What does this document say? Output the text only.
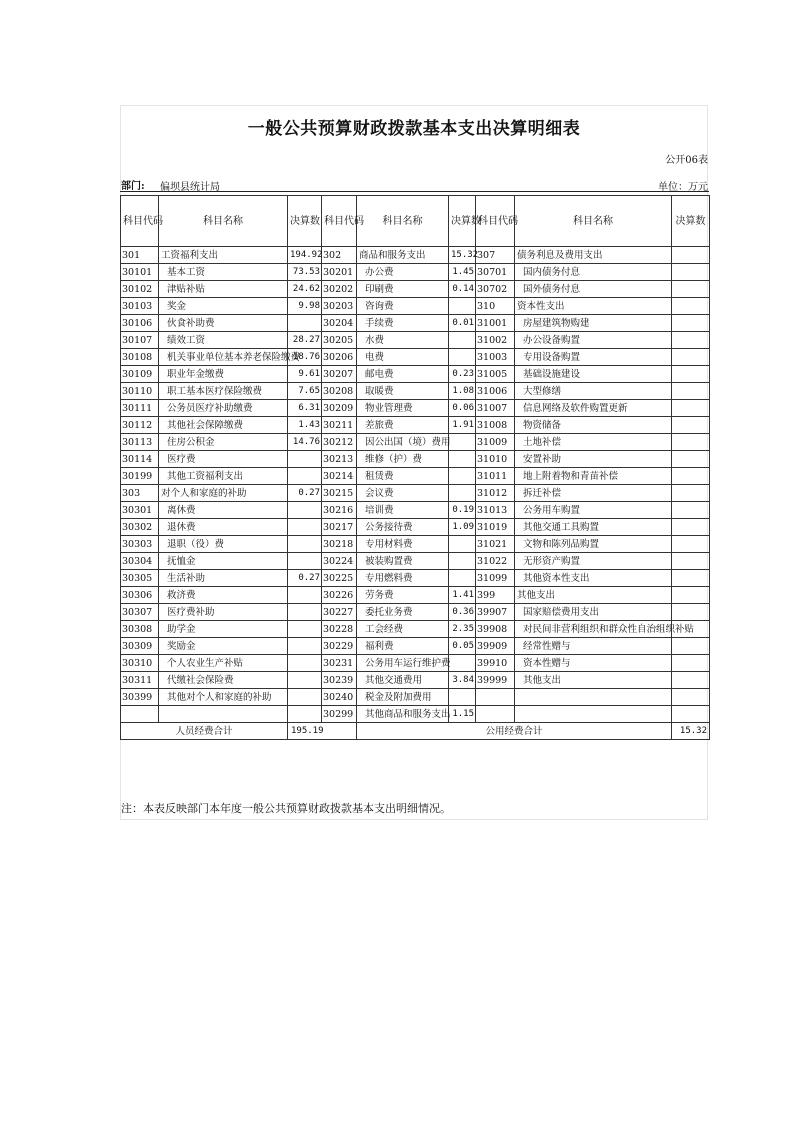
一般公共预算财政拨款基本支出决算明细表
公开06表
部门: 偏坝县统计局	单位：万元
科目代码	科目名称	决算数	科目代码	科目名称	决算数	科目代码	科目名称	决算数
301	工资福利支出	194.92	302	商品和服务支出	15.32	307	债务利息及费用支出	
30101	基本工资	73.53	30201	办公费	1.45	30701	国内债务付息	
30102	津贴补贴	24.62	30202	印刷费	0.14	30702	国外债务付息	
30103	奖金	9.98	30203	咨询费		310	资本性支出	
30106	伙食补助费		30204	手续费	0.01	31001	房屋建筑物购建	
30107	绩效工资	28.27	30205	水费		31002	办公设备购置	
30108	机关事业单位基本养老保险缴费	18.76	30206	电费		31003	专用设备购置	
30109	职业年金缴费	9.61	30207	邮电费	0.23	31005	基础设施建设	
30110	职工基本医疗保险缴费	7.65	30208	取暖费	1.08	31006	大型修缮	
30111	公务员医疗补助缴费	6.31	30209	物业管理费	0.06	31007	信息网络及软件购置更新	
30112	其他社会保障缴费	1.43	30211	差旅费	1.91	31008	物资储备	
30113	住房公积金	14.76	30212	因公出国（境）费用		31009	土地补偿	
30114	医疗费		30213	维修（护）费		31010	安置补助	
30199	其他工资福利支出		30214	租赁费		31011	地上附着物和青苗补偿	
303	对个人和家庭的补助	0.27	30215	会议费		31012	拆迁补偿	
30301	离休费		30216	培训费	0.19	31013	公务用车购置	
30302	退休费		30217	公务接待费	1.09	31019	其他交通工具购置	
30303	退职（役）费		30218	专用材料费		31021	文物和陈列品购置	
30304	抚恤金		30224	被装购置费		31022	无形资产购置	
30305	生活补助	0.27	30225	专用燃料费		31099	其他资本性支出	
30306	救济费		30226	劳务费	1.41	399	其他支出	
30307	医疗费补助		30227	委托业务费	0.36	39907	国家赔偿费用支出	
30308	助学金		30228	工会经费	2.35	39908	对民间非营利组织和群众性自治组织补贴	
30309	奖励金		30229	福利费	0.05	39909	经常性赠与	
30310	个人农业生产补贴		30231	公务用车运行维护费		39910	资本性赠与	
30311	代缴社会保险费		30239	其他交通费用	3.84	39999	其他支出	
30399	其他对个人和家庭的补助		30240	税金及附加费用				
			30299	其他商品和服务支出	1.15			
人员经费合计		195.19		公用经费合计				15.32
注：本表反映部门本年度一般公共预算财政拨款基本支出明细情况。
